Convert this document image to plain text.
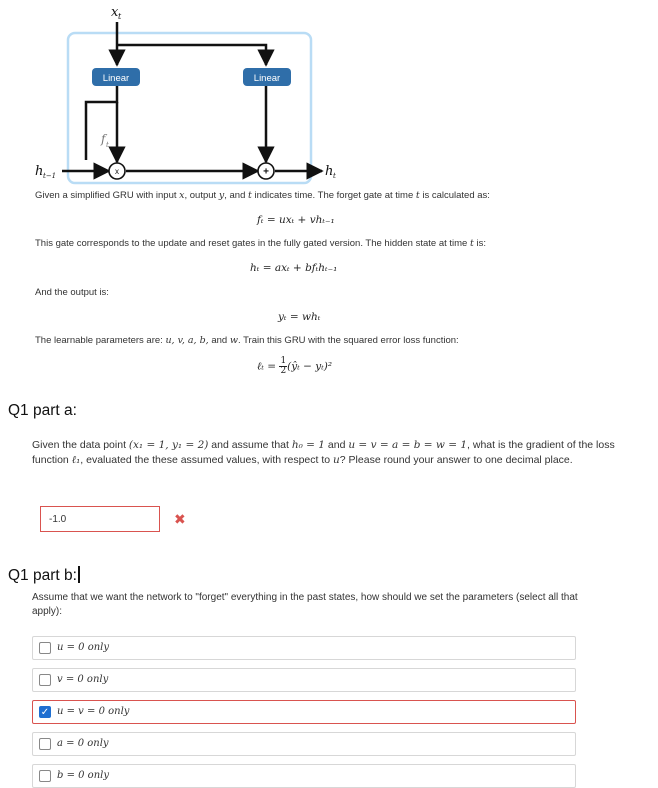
x t
Linear	Linear
f t
x	+
h t−1	h t
Given a simplified GRU with input x, output y, and t indicates time. The forget gate at time t is calculated as:
fₜ = uxₜ + vhₜ₋₁
This gate corresponds to the update and reset gates in the fully gated version. The hidden state at time t is:
hₜ = axₜ + bfₜhₜ₋₁
And the output is:
yₜ = whₜ
The learnable parameters are: u, v, a, b, and w. Train this GRU with the squared error loss function:
ℓₜ = $\frac{1}{2}$ (ŷₜ − yₜ)²
Q1 part a:
Given the data point (x₁ = 1, y₁ = 2) and assume that h₀ = 1 and u = v = a = b = w = 1, what is the gradient of the loss function ℓ₁, evaluated the these assumed values, with respect to u? Please round your answer to one decimal place.
-1.0	✖
Q1 part b:
Assume that we want the network to "forget" everything in the past states, how should we set the parameters (select all that apply):
u = 0 only
v = 0 only
✓ u = v = 0 only
a = 0 only
b = 0 only
